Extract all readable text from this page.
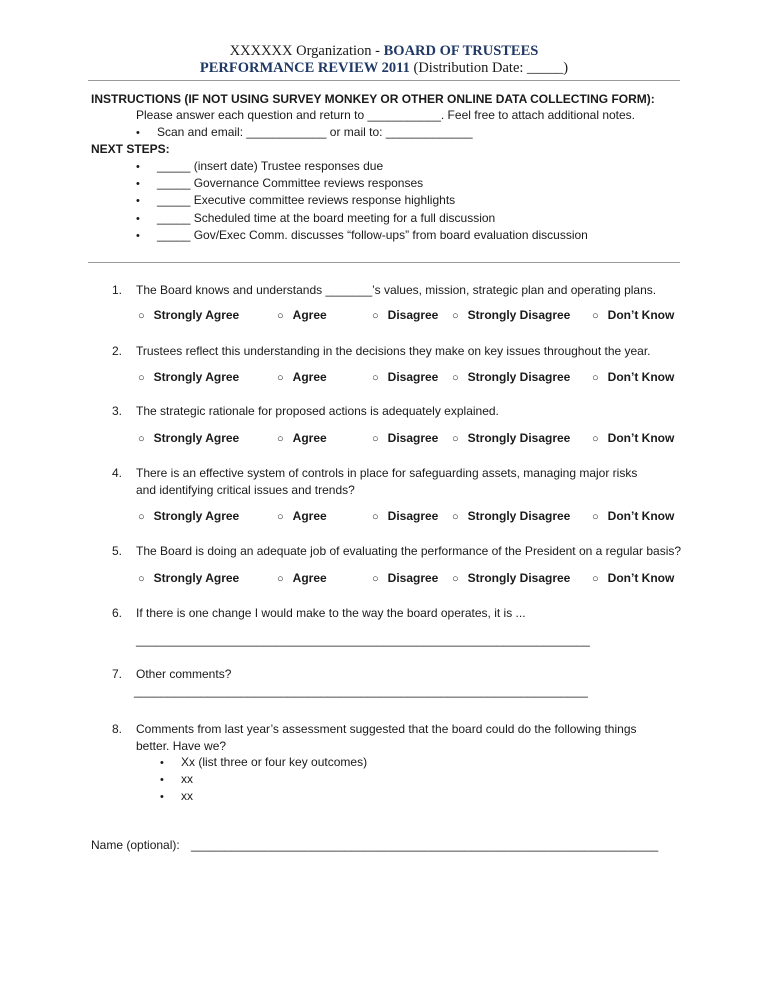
XXXXXX Organization - BOARD OF TRUSTEES
PERFORMANCE REVIEW 2011 (Distribution Date: _____)
INSTRUCTIONS (IF NOT USING SURVEY MONKEY OR OTHER ONLINE DATA COLLECTING FORM):
Please answer each question and return to ___________. Feel free to attach additional notes.
• Scan and email: ____________ or mail to: _____________
NEXT STEPS:
• _____ (insert date) Trustee responses due
• _____ Governance Committee reviews responses
• _____ Executive committee reviews response highlights
• _____ Scheduled time at the board meeting for a full discussion
• _____ Gov/Exec Comm. discusses “follow-ups” from board evaluation discussion
1. The Board knows and understands _______’s values, mission, strategic plan and operating plans.
○ Strongly Agree	○ Agree	○ Disagree ○ Strongly Disagree ○ Don’t Know
2. Trustees reflect this understanding in the decisions they make on key issues throughout the year.
○ Strongly Agree	○ Agree	○ Disagree ○ Strongly Disagree ○ Don’t Know
3. The strategic rationale for proposed actions is adequately explained.
○ Strongly Agree	○ Agree	○ Disagree ○ Strongly Disagree ○ Don’t Know
4. There is an effective system of controls in place for safeguarding assets, managing major risks
and identifying critical issues and trends?
○ Strongly Agree	○ Agree	○ Disagree ○ Strongly Disagree ○ Don’t Know
5. The Board is doing an adequate job of evaluating the performance of the President on a regular basis?
○ Strongly Agree	○ Agree	○ Disagree ○ Strongly Disagree ○ Don’t Know
6. If there is one change I would make to the way the board operates, it is ...
____________________________________________________________________
7. Other comments?
____________________________________________________________________
8. Comments from last year’s assessment suggested that the board could do the following things
better. Have we?
• Xx (list three or four key outcomes)
• xx
• xx
Name (optional): ______________________________________________________________________
